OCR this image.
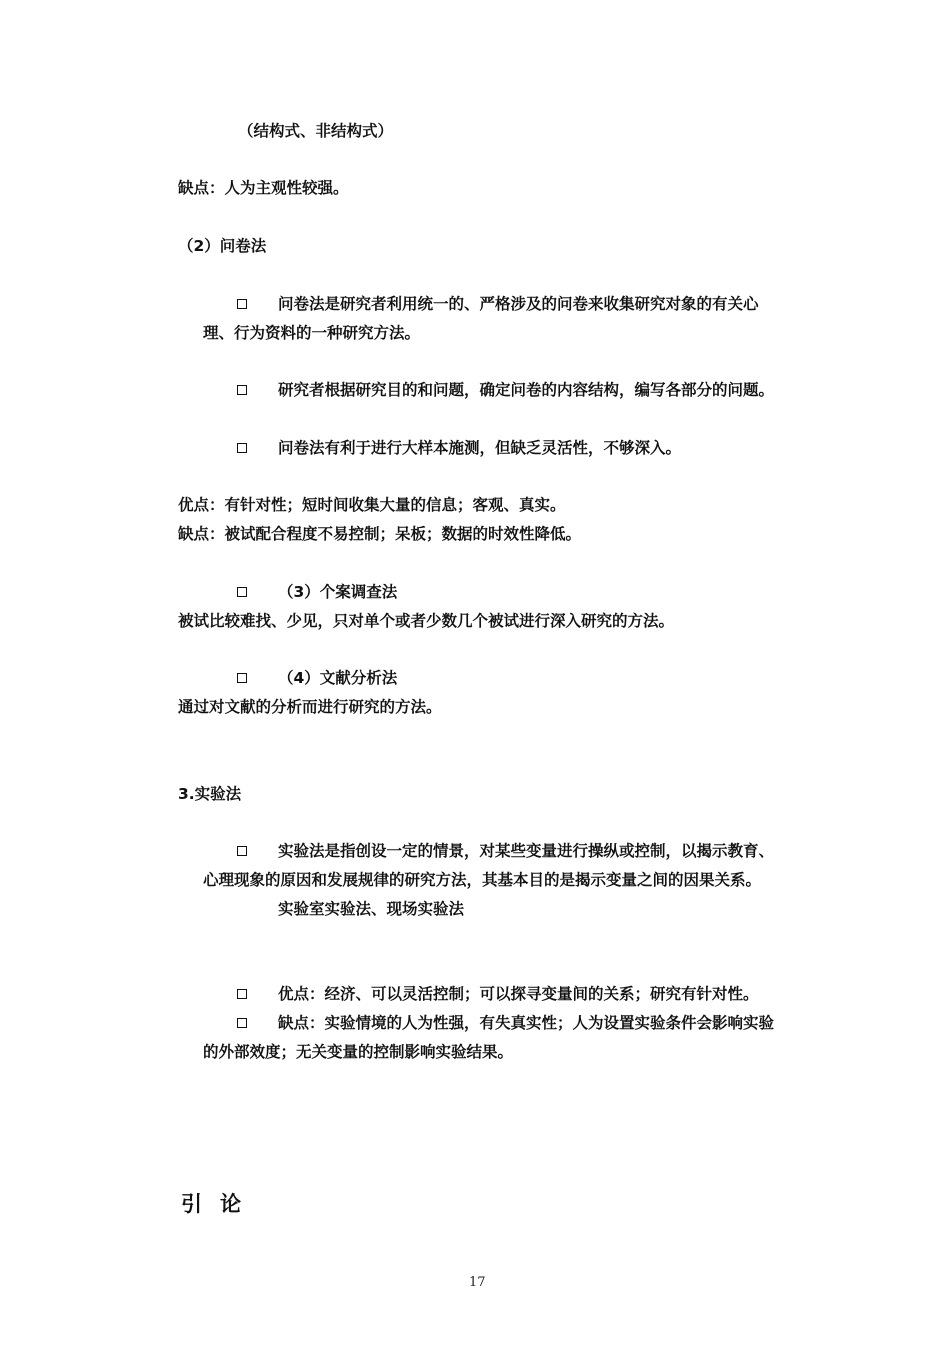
（结构式、非结构式）
缺点：人为主观性较强。
（2）问卷法
问卷法是研究者利用统一的、严格涉及的问卷来收集研究对象的有关心
理、行为资料的一种研究方法。
研究者根据研究目的和问题，确定问卷的内容结构，编写各部分的问题。
问卷法有利于进行大样本施测，但缺乏灵活性，不够深入。
优点：有针对性；短时间收集大量的信息；客观、真实。
缺点：被试配合程度不易控制；呆板；数据的时效性降低。
（3）个案调查法
被试比较难找、少见，只对单个或者少数几个被试进行深入研究的方法。
（4）文献分析法
通过对文献的分析而进行研究的方法。
3.实验法
实验法是指创设一定的情景，对某些变量进行操纵或控制，以揭示教育、
心理现象的原因和发展规律的研究方法，其基本目的是揭示变量之间的因果关系。
实验室实验法、现场实验法
优点：经济、可以灵活控制；可以探寻变量间的关系；研究有针对性。
缺点：实验情境的人为性强，有失真实性；人为设置实验条件会影响实验
的外部效度；无关变量的控制影响实验结果。
引论
17
